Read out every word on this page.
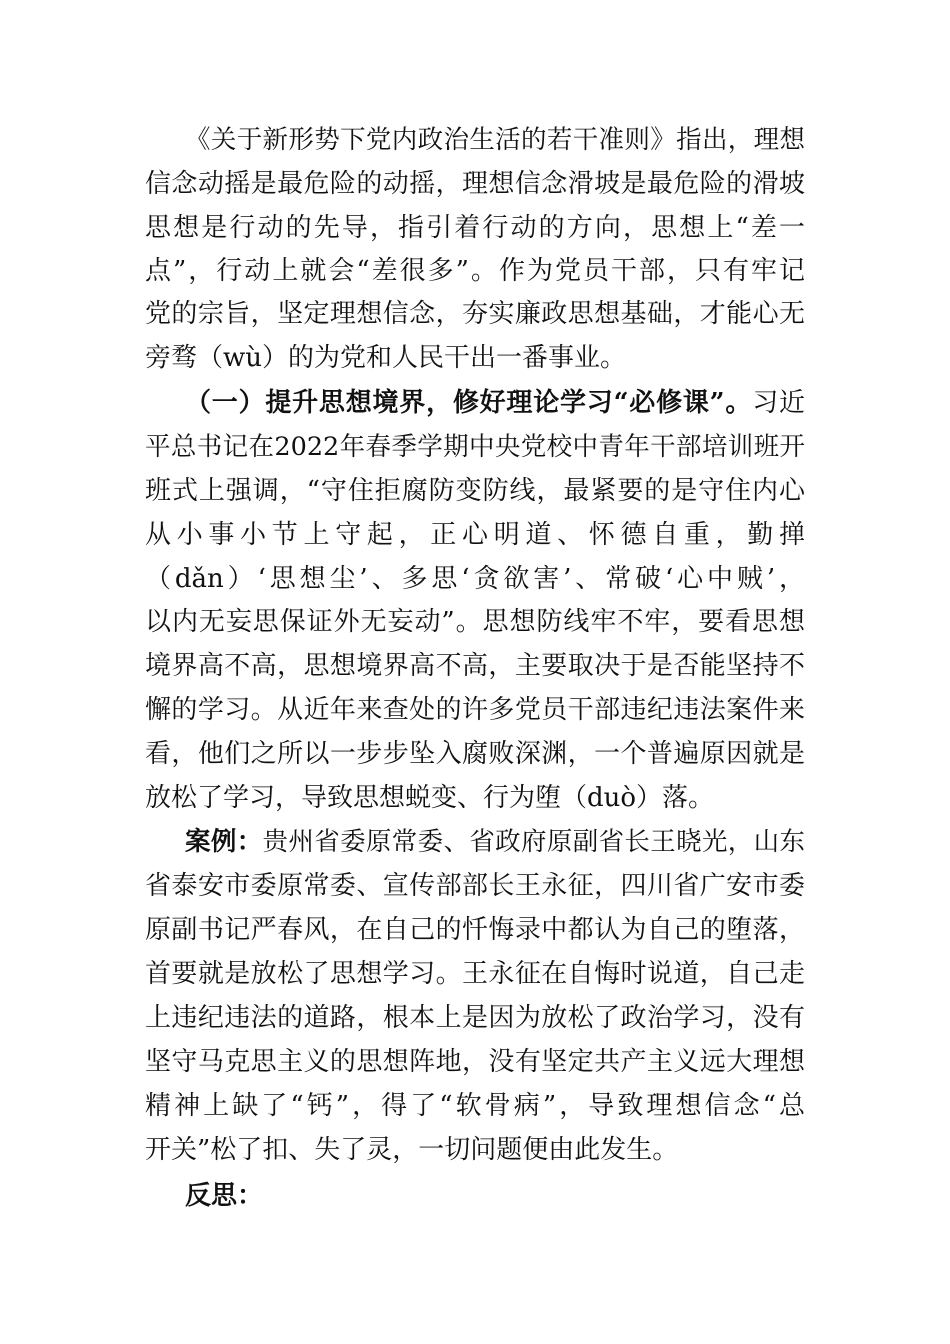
《关于新形势下党内政治生活的若干准则》指出，理想
信念动摇是最危险的动摇，理想信念滑坡是最危险的滑坡
思想是行动的先导，指引着行动的方向，思想上“差一
点”，行动上就会“差很多”。作为党员干部，只有牢记
党的宗旨，坚定理想信念，夯实廉政思想基础，才能心无
旁骛（wù）的为党和人民干出一番事业。
（一）提升思想境界，修好理论学习“必修课”。习近
平总书记在2022年春季学期中央党校中青年干部培训班开
班式上强调，“守住拒腐防变防线，最紧要的是守住内心
从小事小节上守起，正心明道、怀德自重，勤掸
（dǎn）‘思想尘’、多思‘贪欲害’、常破‘心中贼’，
以内无妄思保证外无妄动”。思想防线牢不牢，要看思想
境界高不高，思想境界高不高，主要取决于是否能坚持不
懈的学习。从近年来查处的许多党员干部违纪违法案件来
看，他们之所以一步步坠入腐败深渊，一个普遍原因就是
放松了学习，导致思想蜕变、行为堕（duò）落。
案例：贵州省委原常委、省政府原副省长王晓光，山东
省泰安市委原常委、宣传部部长王永征，四川省广安市委
原副书记严春风，在自己的忏悔录中都认为自己的堕落，
首要就是放松了思想学习。王永征在自悔时说道，自己走
上违纪违法的道路，根本上是因为放松了政治学习，没有
坚守马克思主义的思想阵地，没有坚定共产主义远大理想
精神上缺了“钙”，得了“软骨病”，导致理想信念“总
开关”松了扣、失了灵，一切问题便由此发生。
反思：
